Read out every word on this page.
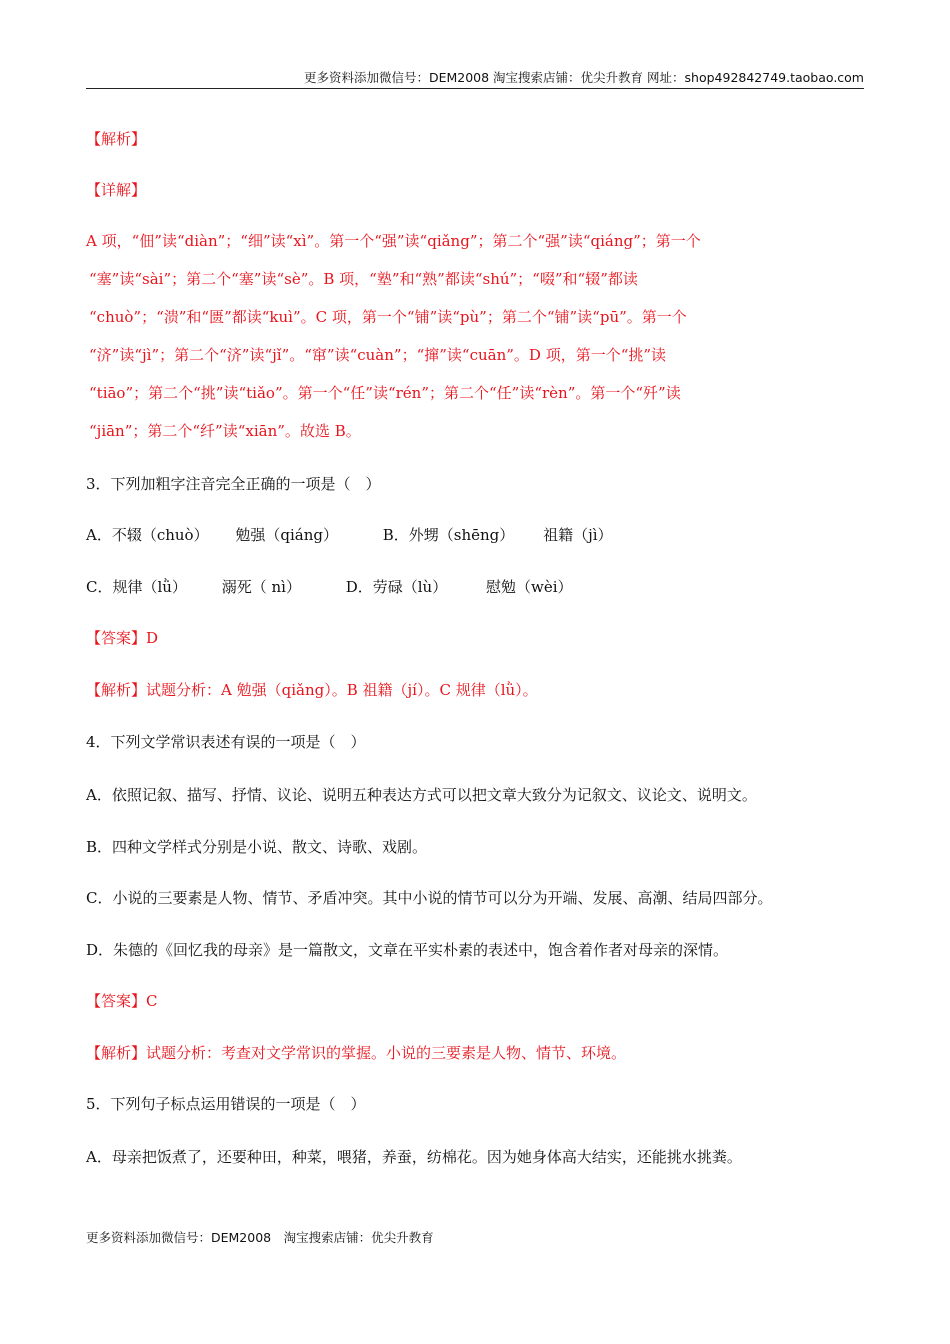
更多资料添加微信号：DEM2008 淘宝搜索店铺：优尖升教育 网址：shop492842749.taobao.com
【解析】
【详解】
A 项，“佃”读“diàn”；“细”读“xì”。第一个“强”读“qiǎng”；第二个“强”读“qiáng”；第一个
“塞”读“sài”；第二个“塞”读“sè”。B 项，“塾”和“熟”都读“shú”；“啜”和“辍”都读
“chuò”；“溃”和“匮”都读“kuì”。C 项，第一个“铺”读“pù”；第二个“铺”读“pū”。第一个
“济”读“jì”；第二个“济”读“jǐ”。“窜”读“cuàn”；“撺”读“cuān”。D 项，第一个“挑”读
“tiāo”；第二个“挑”读“tiǎo”。第一个“任”读“rén”；第二个“任”读“rèn”。第一个“歼”读
“jiān”；第二个“纤”读“xiān”。故选 B。
3．下列加粗字注音完全正确的一项是（　）
A．不辍（chuò） 勉强（qiáng）	B．外甥（shēng） 祖籍（jì）
C．规律（lǜ） 溺死（ nì）	D．劳碌（lù）	慰勉（wèi）
【答案】D
【解析】试题分析：A 勉强（qiǎng）。B 祖籍（jí）。C 规律（lǜ）。
4．下列文学常识表述有误的一项是（　）
A．依照记叙、描写、抒情、议论、说明五种表达方式可以把文章大致分为记叙文、议论文、说明文。
B．四种文学样式分别是小说、散文、诗歌、戏剧。
C．小说的三要素是人物、情节、矛盾冲突。其中小说的情节可以分为开端、发展、高潮、结局四部分。
D．朱德的《回忆我的母亲》是一篇散文，文章在平实朴素的表述中，饱含着作者对母亲的深情。
【答案】C
【解析】试题分析：考查对文学常识的掌握。小说的三要素是人物、情节、环境。
5．下列句子标点运用错误的一项是（　）
A．母亲把饭煮了，还要种田，种菜，喂猪，养蚕，纺棉花。因为她身体高大结实，还能挑水挑粪。
更多资料添加微信号：DEM2008　淘宝搜索店铺：优尖升教育
